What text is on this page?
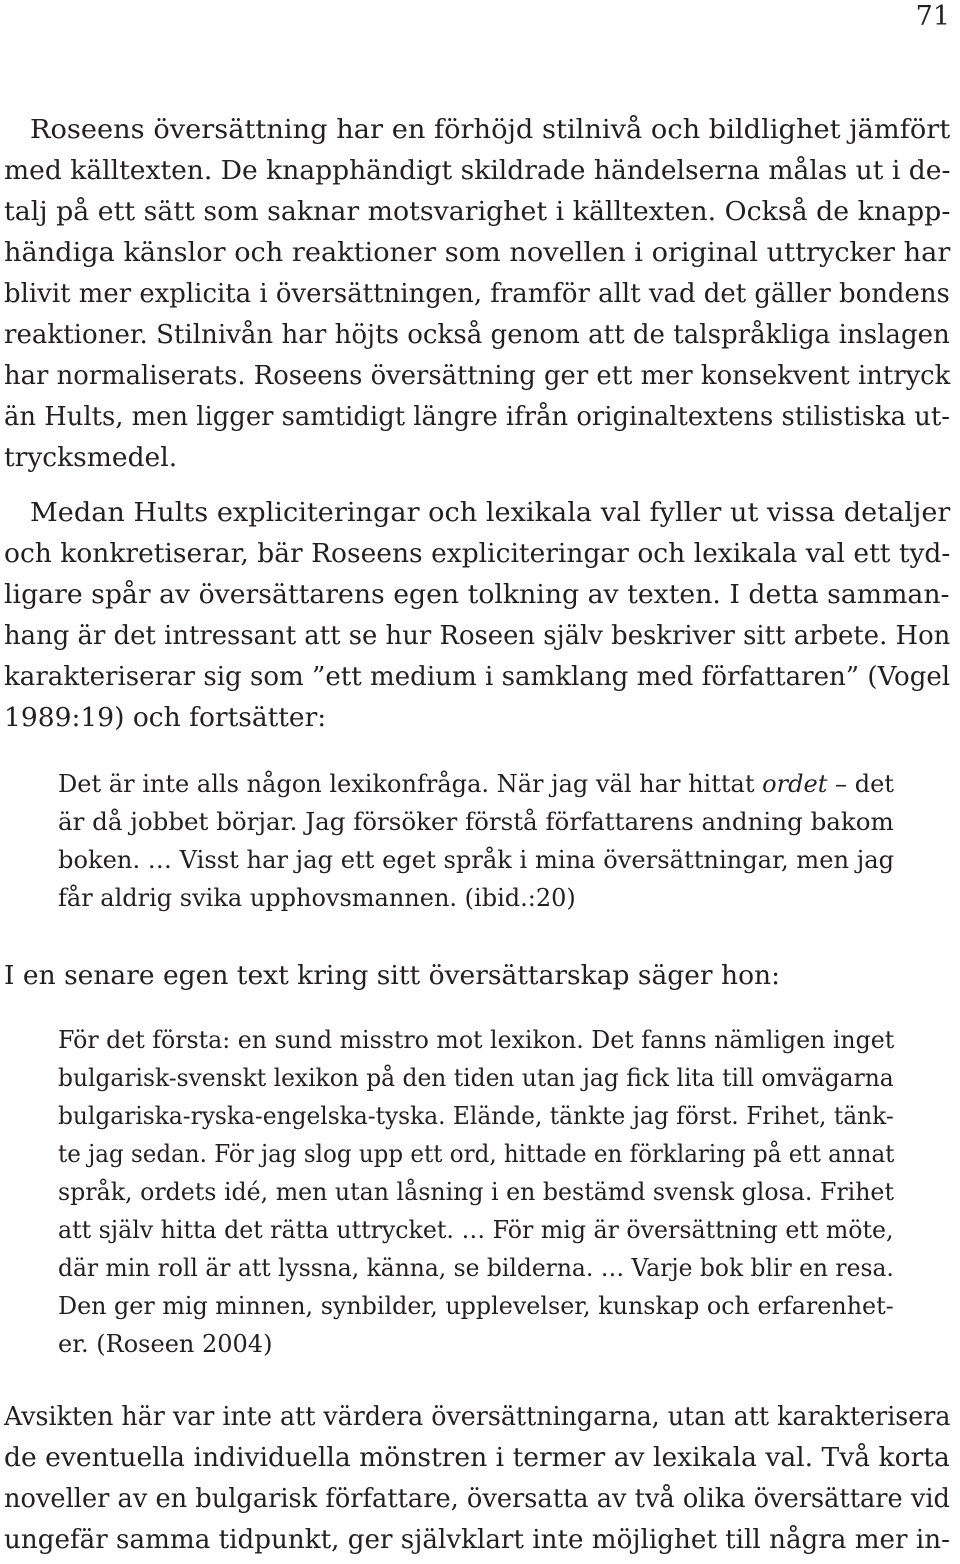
71
Roseens översättning har en förhöjd stilnivå och bildlighet jämfört
med källtexten. De knapphändigt skildrade händelserna målas ut i de-
talj på ett sätt som saknar motsvarighet i källtexten. Också de knapp-
händiga känslor och reaktioner som novellen i original uttrycker har
blivit mer explicita i översättningen, framför allt vad det gäller bondens
reaktioner. Stilnivån har höjts också genom att de talspråkliga inslagen
har normaliserats. Roseens översättning ger ett mer konsekvent intryck
än Hults, men ligger samtidigt längre ifrån originaltextens stilistiska ut-
trycksmedel.
Medan Hults expliciteringar och lexikala val fyller ut vissa detaljer
och konkretiserar, bär Roseens expliciteringar och lexikala val ett tyd-
ligare spår av översättarens egen tolkning av texten. I detta samman-
hang är det intressant att se hur Roseen själv beskriver sitt arbete. Hon
karakteriserar sig som ”ett medium i samklang med författaren” (Vogel
1989:19) och fortsätter:
Det är inte alls någon lexikonfråga. När jag väl har hittat ordet – det
är då jobbet börjar. Jag försöker förstå författarens andning bakom
boken. … Visst har jag ett eget språk i mina översättningar, men jag
får aldrig svika upphovsmannen. (ibid.:20)
I en senare egen text kring sitt översättarskap säger hon:
För det första: en sund misstro mot lexikon. Det fanns nämligen inget
bulgarisk-svenskt lexikon på den tiden utan jag fick lita till omvägarna
bulgariska-ryska-engelska-tyska. Elände, tänkte jag först. Frihet, tänk-
te jag sedan. För jag slog upp ett ord, hittade en förklaring på ett annat
språk, ordets idé, men utan låsning i en bestämd svensk glosa. Frihet
att själv hitta det rätta uttrycket. … För mig är översättning ett möte,
där min roll är att lyssna, känna, se bilderna. … Varje bok blir en resa.
Den ger mig minnen, synbilder, upplevelser, kunskap och erfarenhet-
er. (Roseen 2004)
Avsikten här var inte att värdera översättningarna, utan att karakterisera
de eventuella individuella mönstren i termer av lexikala val. Två korta
noveller av en bulgarisk författare, översatta av två olika översättare vid
ungefär samma tidpunkt, ger självklart inte möjlighet till några mer in-
